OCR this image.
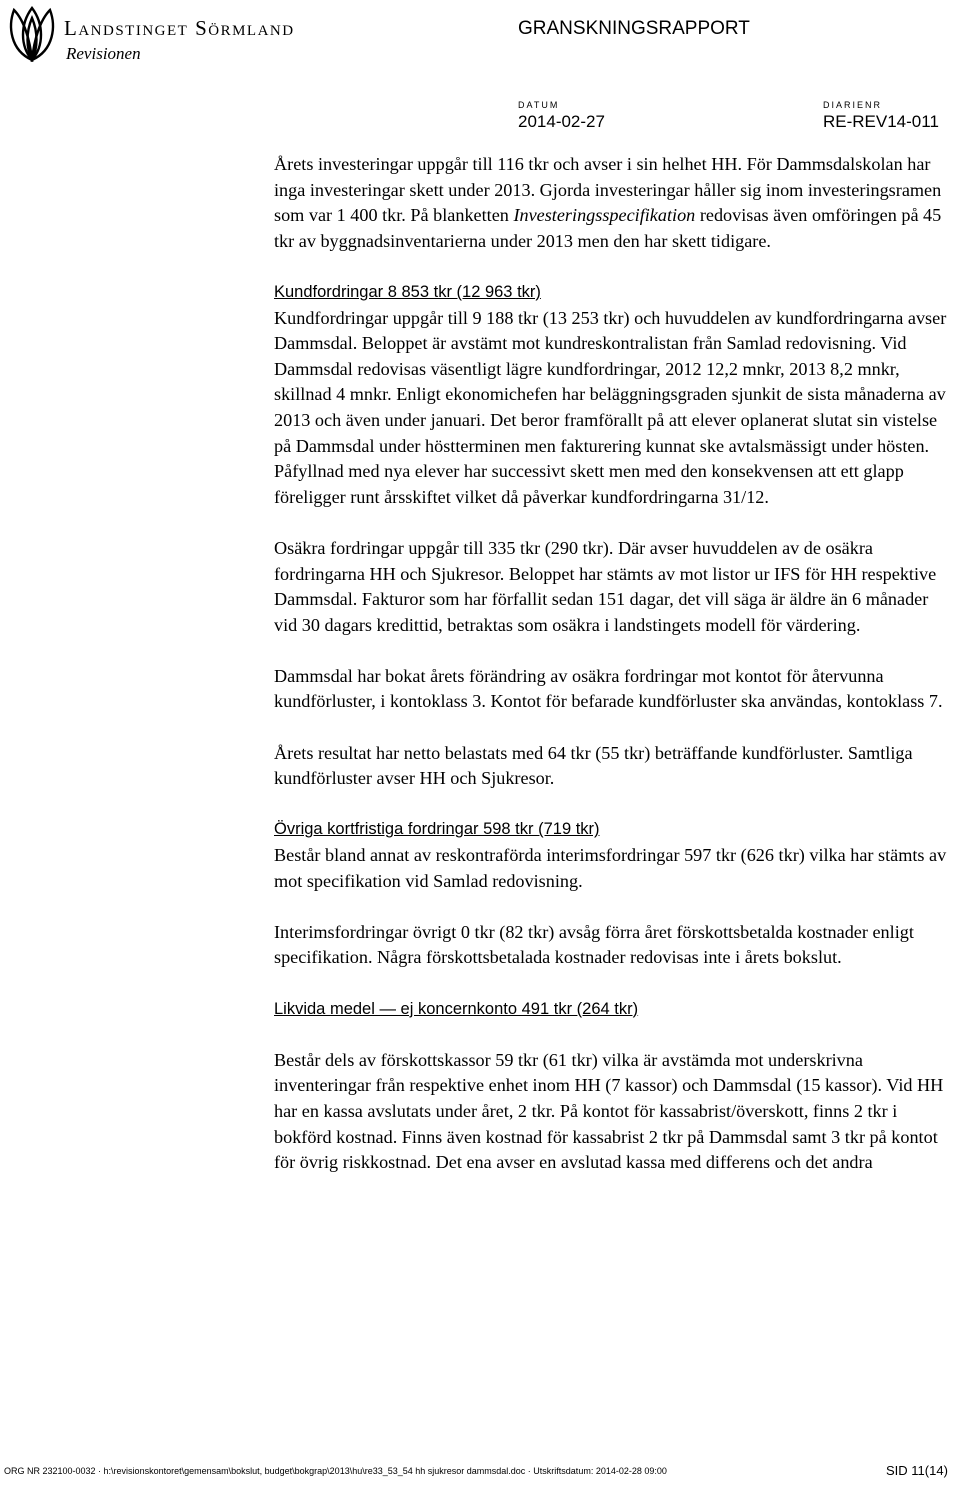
Landstinget Sörmland
Revisionen
GRANSKNINGSRAPPORT
DATUM
2014-02-27
DIARIENR
RE-REV14-011

Årets investeringar uppgår till 116 tkr och avser i sin helhet HH. För Dammsdalskolan har inga investeringar skett under 2013. Gjorda investeringar håller sig inom investeringsramen som var 1 400 tkr. På blanketten Investeringsspecifikation redovisas även omföringen på 45 tkr av byggnadsinventarierna under 2013 men den har skett tidigare.

Kundfordringar 8 853 tkr (12 963 tkr)
Kundfordringar uppgår till 9 188 tkr (13 253 tkr) och huvuddelen av kundfordringarna avser Dammsdal. Beloppet är avstämt mot kundreskontralistan från Samlad redovisning. Vid Dammsdal redovisas väsentligt lägre kundfordringar, 2012 12,2 mnkr, 2013 8,2 mnkr, skillnad 4 mnkr. Enligt ekonomichefen har beläggningsgraden sjunkit de sista månaderna av 2013 och även under januari. Det beror framförallt på att elever oplanerat slutat sin vistelse på Dammsdal under höstterminen men fakturering kunnat ske avtalsmässigt under hösten. Påfyllnad med nya elever har successivt skett men med den konsekvensen att ett glapp föreligger runt årsskiftet vilket då påverkar kundfordringarna 31/12.

Osäkra fordringar uppgår till 335 tkr (290 tkr). Där avser huvuddelen av de osäkra fordringarna HH och Sjukresor. Beloppet har stämts av mot listor ur IFS för HH respektive Dammsdal. Fakturor som har förfallit sedan 151 dagar, det vill säga är äldre än 6 månader vid 30 dagars kredittid, betraktas som osäkra i landstingets modell för värdering.

Dammsdal har bokat årets förändring av osäkra fordringar mot kontot för återvunna kundförluster, i kontoklass 3. Kontot för befarade kundförluster ska användas, kontoklass 7.

Årets resultat har netto belastats med 64 tkr (55 tkr) beträffande kundförluster. Samtliga kundförluster avser HH och Sjukresor.

Övriga kortfristiga fordringar 598 tkr (719 tkr)
Består bland annat av reskontraförda interimsfordringar 597 tkr (626 tkr) vilka har stämts av mot specifikation vid Samlad redovisning.

Interimsfordringar övrigt 0 tkr (82 tkr) avsåg förra året förskottsbetalda kostnader enligt specifikation. Några förskottsbetalada kostnader redovisas inte i årets bokslut.

Likvida medel — ej koncernkonto 491 tkr (264 tkr)

Består dels av förskottskassor 59 tkr (61 tkr) vilka är avstämda mot underskrivna inventeringar från respektive enhet inom HH (7 kassor) och Dammsdal (15 kassor). Vid HH har en kassa avslutats under året, 2 tkr. På kontot för kassabrist/överskott, finns 2 tkr i bokförd kostnad. Finns även kostnad för kassabrist 2 tkr på Dammsdal samt 3 tkr på kontot för övrig riskkostnad. Det ena avser en avslutad kassa med differens och det andra

ORG NR 232100-0032 · h:\revisionskontoret\gemensam\bokslut, budget\bokgrap\2013\hu\re33_53_54 hh sjukresor dammsdal.doc · Utskriftsdatum: 2014-02-28 09:00	SID 11(14)
